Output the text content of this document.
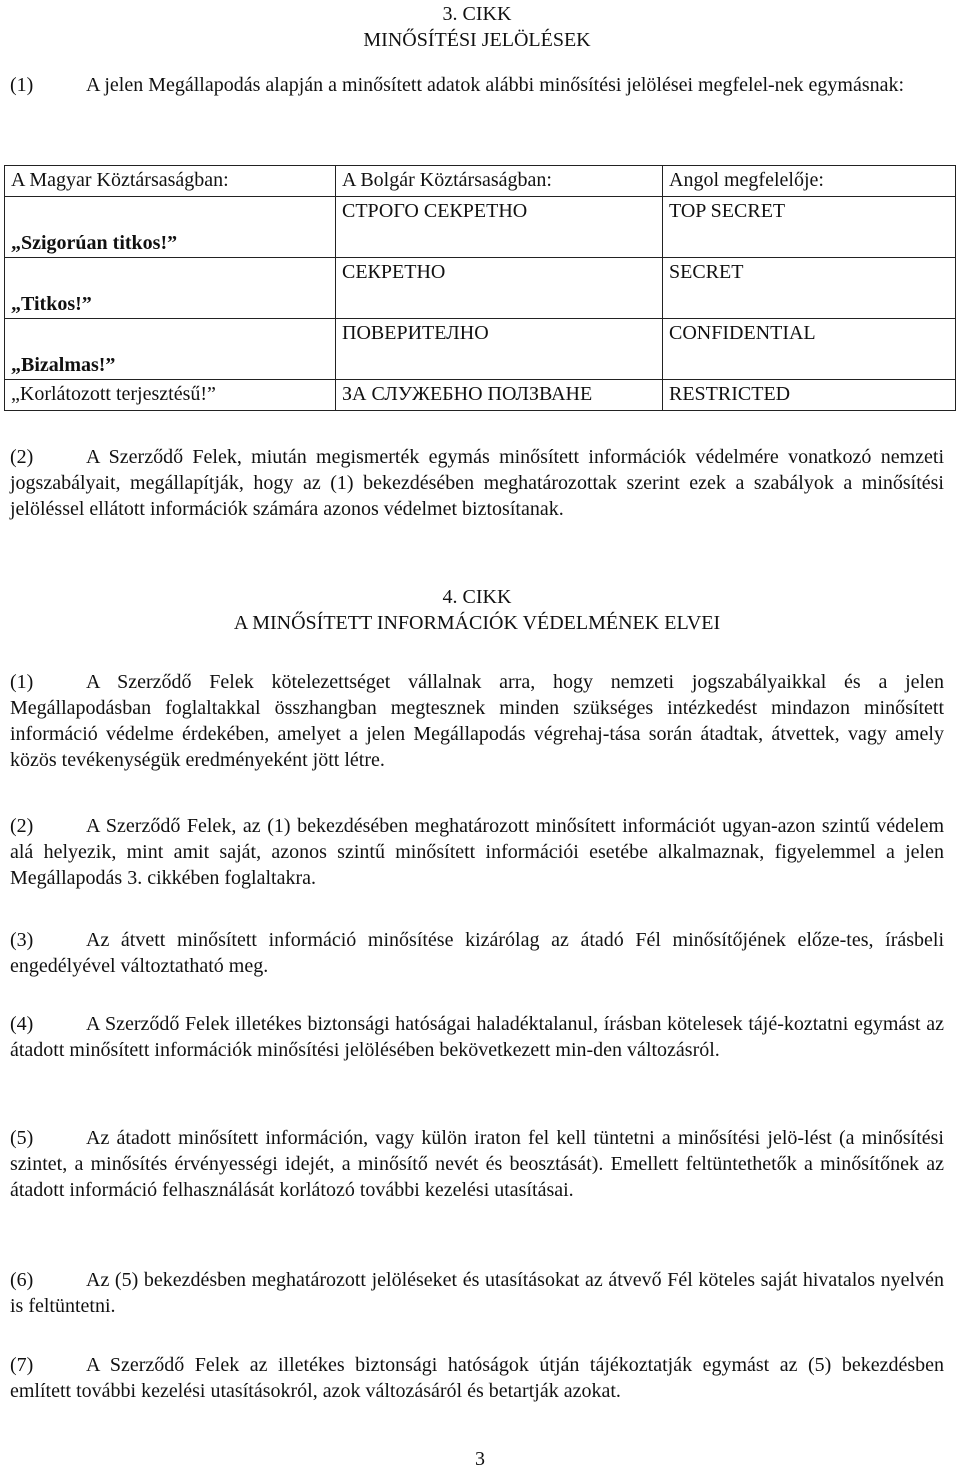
3. CIKK
MINŐSÍTÉSI JELÖLÉSEK

(1)	A jelen Megállapodás alapján a minősített adatok alábbi minősítési jelölései megfelel-nek egymásnak:

A Magyar Köztársaságban:	A Bolgár Köztársaságban:	Angol megfelelője:
„Szigorúan titkos!”	СТРОГО СЕКРЕТНО	TOP SECRET
„Titkos!”	СЕКРЕТНО	SECRET
„Bizalmas!”	ПОВЕРИТЕЛНО	CONFIDENTIAL
„Korlátozott terjesztésű!”	ЗА СЛУЖЕБНО ПОЛЗВАНЕ	RESTRICTED

(2)	A Szerződő Felek, miután megismerték egymás minősített információk védelmére vonatkozó nemzeti jogszabályait, megállapítják, hogy az (1) bekezdésében meghatározottak szerint ezek a szabályok a minősítési jelöléssel ellátott információk számára azonos védelmet biztosítanak.

4. CIKK
A MINŐSÍTETT INFORMÁCIÓK VÉDELMÉNEK ELVEI

(1)	A Szerződő Felek kötelezettséget vállalnak arra, hogy nemzeti jogszabályaikkal és a jelen Megállapodásban foglaltakkal összhangban megtesznek minden szükséges intézkedést mindazon minősített információ védelme érdekében, amelyet a jelen Megállapodás végrehaj-tása során átadtak, átvettek, vagy amely közös tevékenységük eredményeként jött létre.

(2)	A Szerződő Felek, az (1) bekezdésében meghatározott minősített információt ugyan-azon szintű védelem alá helyezik, mint amit saját, azonos szintű minősített információi esetébe alkalmaznak, figyelemmel a jelen Megállapodás 3. cikkében foglaltakra.

(3)	Az átvett minősített információ minősítése kizárólag az átadó Fél minősítőjének előze-tes, írásbeli engedélyével változtatható meg.

(4)	A Szerződő Felek illetékes biztonsági hatóságai haladéktalanul, írásban kötelesek tájé-koztatni egymást az átadott minősített információk minősítési jelölésében bekövetkezett min-den változásról.

(5)	Az átadott minősített információn, vagy külön iraton fel kell tüntetni a minősítési jelö-lést (a minősítési szintet, a minősítés érvényességi idejét, a minősítő nevét és beosztását). Emellett feltüntethetők a minősítőnek az átadott információ felhasználását korlátozó további kezelési utasításai.

(6)	Az (5) bekezdésben meghatározott jelöléseket és utasításokat az átvevő Fél köteles saját hivatalos nyelvén is feltüntetni.

(7)	A Szerződő Felek az illetékes biztonsági hatóságok útján tájékoztatják egymást az (5) bekezdésben említett további kezelési utasításokról, azok változásáról és betartják azokat.

3
